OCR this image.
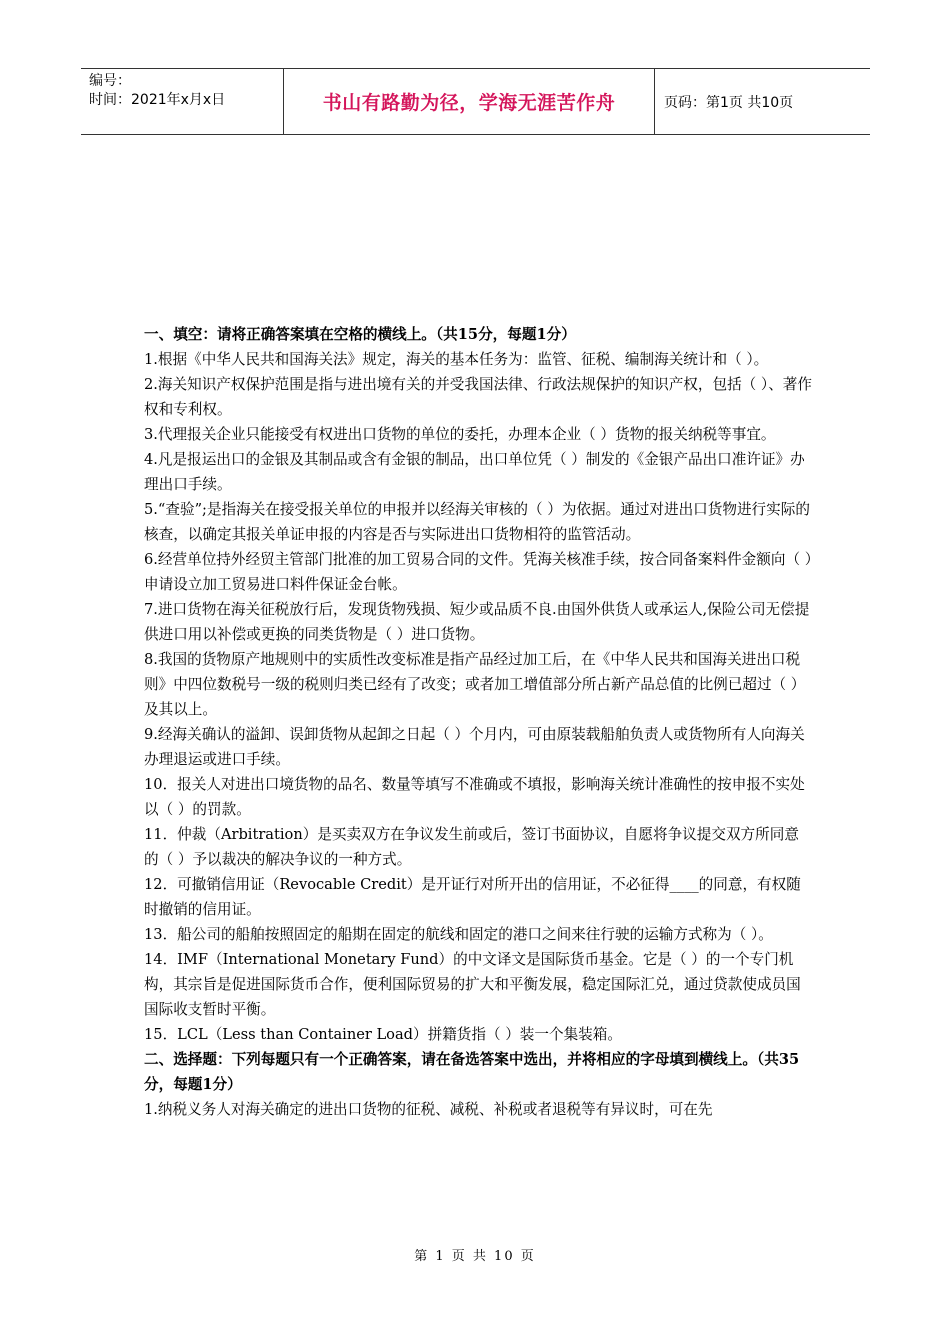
编号：
时间：2021年x月x日	书山有路勤为径，学海无涯苦作舟	页码：第1页 共10页

一、填空：请将正确答案填在空格的横线上。（共15分，每题1分）

1.根据《中华人民共和国海关法》规定，海关的基本任务为：监管、征税、编制海关统计和（ ）。

2.海关知识产权保护范围是指与进出境有关的并受我国法律、行政法规保护的知识产权，包括（ ）、著作权和专利权。

3.代理报关企业只能接受有权进出口货物的单位的委托，办理本企业（ ）货物的报关纳税等事宜。

4.凡是报运出口的金银及其制品或含有金银的制品，出口单位凭（ ）制发的《金银产品出口准许证》办理出口手续。

5.“查验”;是指海关在接受报关单位的申报并以经海关审核的（ ）为依据。通过对进出口货物进行实际的核查，以确定其报关单证申报的内容是否与实际进出口货物相符的监管活动。

6.经营单位持外经贸主管部门批准的加工贸易合同的文件。凭海关核准手续，按合同备案料件金额向（ ）申请设立加工贸易进口料件保证金台帐。

7.进口货物在海关征税放行后，发现货物残损、短少或品质不良.由国外供货人或承运人,保险公司无偿提供进口用以补偿或更换的同类货物是（ ）进口货物。

8.我国的货物原产地规则中的实质性改变标准是指产品经过加工后，在《中华人民共和国海关进出口税则》中四位数税号一级的税则归类已经有了改变；或者加工增值部分所占新产品总值的比例已超过（ ）及其以上。

9.经海关确认的溢卸、误卸货物从起卸之日起（ ）个月内，可由原装载船舶负责人或货物所有人向海关办理退运或进口手续。

10．报关人对进出口境货物的品名、数量等填写不准确或不填报，影响海关统计准确性的按申报不实处以（ ）的罚款。

11．仲裁（Arbitration）是买卖双方在争议发生前或后，签订书面协议，自愿将争议提交双方所同意的（ ）予以裁决的解决争议的一种方式。

12．可撤销信用证（Revocable Credit）是开证行对所开出的信用证，不必征得____的同意，有权随时撤销的信用证。

13．船公司的船舶按照固定的船期在固定的航线和固定的港口之间来往行驶的运输方式称为（ ）。

14．IMF（International Monetary Fund）的中文译文是国际货币基金。它是（ ）的一个专门机构，其宗旨是促进国际货币合作，便利国际贸易的扩大和平衡发展，稳定国际汇兑，通过贷款使成员国国际收支暂时平衡。

15．LCL（Less than Container Load）拼籍货指（ ）装一个集装箱。

二、选择题：下列每题只有一个正确答案，请在备选答案中选出，并将相应的字母填到横线上。（共35分，每题1分）

1.纳税义务人对海关确定的进出口货物的征税、减税、补税或者退税等有异议时，可在先

第 1 页 共 10 页
